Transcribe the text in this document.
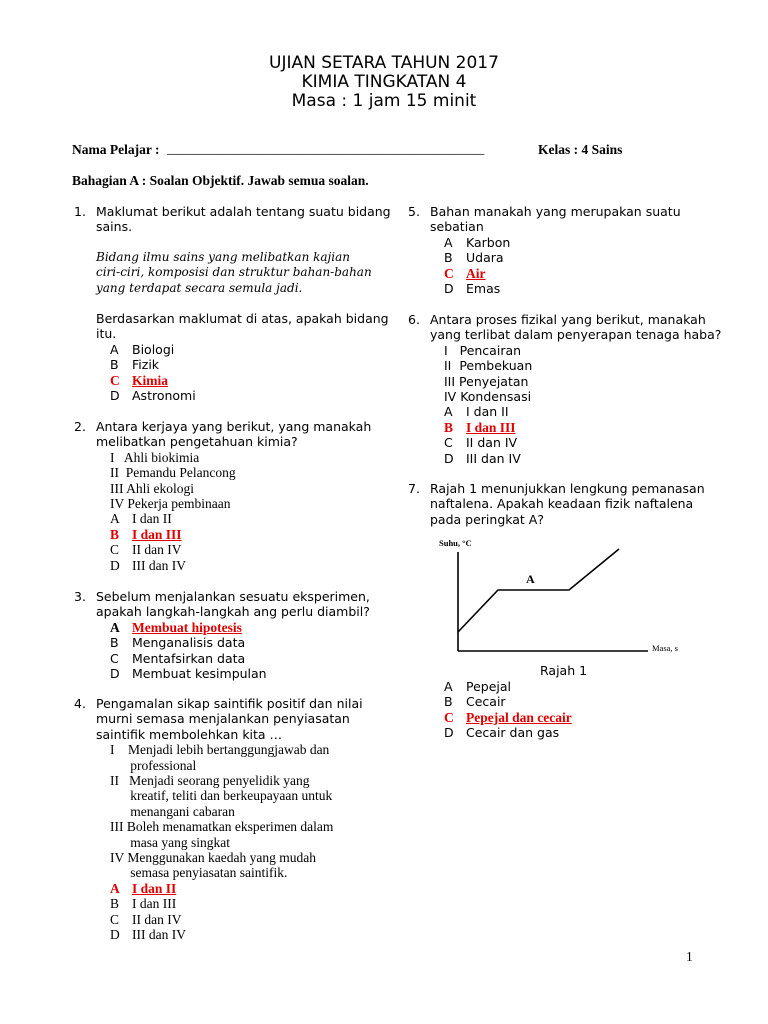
UJIAN SETARA TAHUN 2017
KIMIA TINGKATAN 4
Masa : 1 jam 15 minit
Nama Pelajar : _______________________________________________	Kelas : 4 Sains
Bahagian A : Soalan Objektif. Jawab semua soalan.
1. Maklumat berikut adalah tentang suatu bidang
sains.
Bidang ilmu sains yang melibatkan kajian
ciri-ciri, komposisi dan struktur bahan-bahan
yang terdapat secara semula jadi.
Berdasarkan maklumat di atas, apakah bidang
itu.
A Biologi
B Fizik
C Kimia
D Astronomi
2. Antara kerjaya yang berikut, yang manakah
melibatkan pengetahuan kimia?
I   Ahli biokimia
II  Pemandu Pelancong
III Ahli ekologi
IV Pekerja pembinaan
A I dan II
B I dan III
C II dan IV
D III dan IV
3. Sebelum menjalankan sesuatu eksperimen,
apakah langkah-langkah ang perlu diambil?
A Membuat hipotesis
B Menganalisis data
C Mentafsirkan data
D Membuat kesimpulan
4. Pengamalan sikap saintifik positif dan nilai
murni semasa menjalankan penyiasatan
saintifik membolehkan kita …
I    Menjadi lebih bertanggungjawab dan
professional
II   Menjadi seorang penyelidik yang
kreatif, teliti dan berkeupayaan untuk
menangani cabaran
III Boleh menamatkan eksperimen dalam
masa yang singkat
IV Menggunakan kaedah yang mudah
semasa penyiasatan saintifik.
A I dan II
B I dan III
C II dan IV
D III dan IV
5. Bahan manakah yang merupakan suatu
sebatian
A Karbon
B Udara
C Air
D Emas
6. Antara proses fizikal yang berikut, manakah
yang terlibat dalam penyerapan tenaga haba?
I   Pencairan
II  Pembekuan
III Penyejatan
IV Kondensasi
A I dan II
B I dan III
C II dan IV
D III dan IV
7. Rajah 1 menunjukkan lengkung pemanasan
naftalena. Apakah keadaan fizik naftalena
pada peringkat A?
Suhu, °C
A
Masa, s
Rajah 1
A Pepejal
B Cecair
C Pepejal dan cecair
D Cecair dan gas
1
